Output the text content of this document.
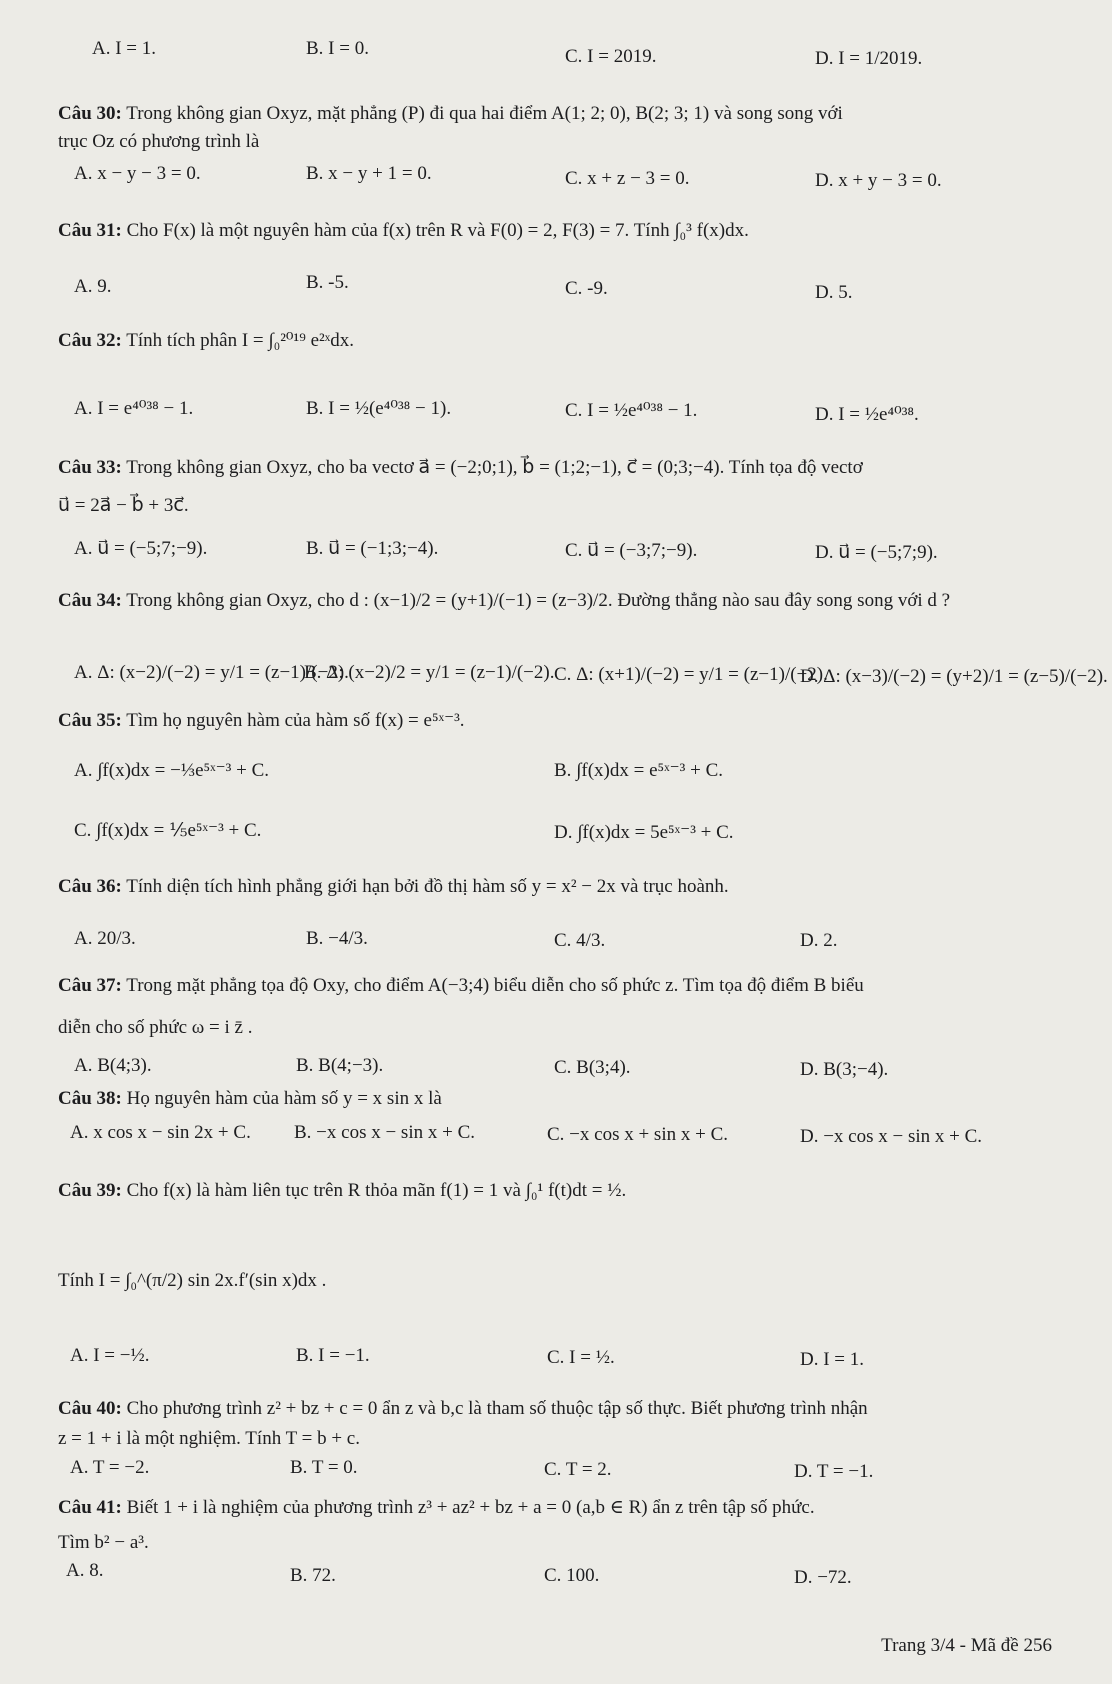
A. I = 1.	B. I = 0.	C. I = 2019.	D. I = 1/2019.
Câu 30: Trong không gian Oxyz, mặt phẳng (P) đi qua hai điểm A(1; 2; 0), B(2; 3; 1) và song song với
trục Oz có phương trình là
A. x − y − 3 = 0.	B. x − y + 1 = 0.	C. x + z − 3 = 0.	D. x + y − 3 = 0.
Câu 31: Cho F(x) là một nguyên hàm của f(x) trên R và F(0) = 2, F(3) = 7. Tính ∫₀³ f(x)dx.
A. 9.	B. -5.	C. -9.	D. 5.
Câu 32: Tính tích phân I = ∫₀²⁰¹⁹ e²ˣdx.
A. I = e⁴⁰³⁸ − 1.	B. I = ½(e⁴⁰³⁸ − 1).	C. I = ½e⁴⁰³⁸ − 1.	D. I = ½e⁴⁰³⁸.
Câu 33: Trong không gian Oxyz, cho ba vectơ a⃗ = (−2;0;1), b⃗ = (1;2;−1), c⃗ = (0;3;−4). Tính tọa độ vectơ
u⃗ = 2a⃗ − b⃗ + 3c⃗.
A. u⃗ = (−5;7;−9).	B. u⃗ = (−1;3;−4).	C. u⃗ = (−3;7;−9).	D. u⃗ = (−5;7;9).
Câu 34: Trong không gian Oxyz, cho d : (x−1)/2 = (y+1)/(−1) = (z−3)/2. Đường thẳng nào sau đây song song với d ?
A. Δ: (x−2)/(−2) = y/1 = (z−1)/(−2).
B. Δ: (x−2)/2 = y/1 = (z−1)/(−2). C. Δ: (x+1)/(−2) = y/1 = (z−1)/(−2).
D. Δ: (x−3)/(−2) = (y+2)/1 = (z−5)/(−2).
Câu 35: Tìm họ nguyên hàm của hàm số f(x) = e⁵ˣ⁻³.
A. ∫f(x)dx = −⅓e⁵ˣ⁻³ + C.	B. ∫f(x)dx = e⁵ˣ⁻³ + C.
C. ∫f(x)dx = ⅕e⁵ˣ⁻³ + C.	D. ∫f(x)dx = 5e⁵ˣ⁻³ + C.
Câu 36: Tính diện tích hình phẳng giới hạn bởi đồ thị hàm số y = x² − 2x và trục hoành.
A. 20/3.	B. −4/3.	C. 4/3.	D. 2.
Câu 37: Trong mặt phẳng tọa độ Oxy, cho điểm A(−3;4) biểu diễn cho số phức z. Tìm tọa độ điểm B biểu
diễn cho số phức ω = i z̄ .
A. B(4;3).	B. B(4;−3).	C. B(3;4).	D. B(3;−4).
Câu 38: Họ nguyên hàm của hàm số y = x sin x là
A. x cos x − sin 2x + C. B. −x cos x − sin x + C.	C. −x cos x + sin x + C.	D. −x cos x − sin x + C.
Câu 39: Cho f(x) là hàm liên tục trên R thỏa mãn f(1) = 1 và ∫₀¹ f(t)dt = ½.
Tính I = ∫₀^(π/2) sin 2x.f′(sin x)dx .
A. I = −½.	B. I = −1.	C. I = ½.	D. I = 1.
Câu 40: Cho phương trình z² + bz + c = 0 ẩn z và b,c là tham số thuộc tập số thực. Biết phương trình nhận
z = 1 + i là một nghiệm. Tính T = b + c.
A. T = −2.	B. T = 0.	C. T = 2.	D. T = −1.
Câu 41: Biết 1 + i là nghiệm của phương trình z³ + az² + bz + a = 0 (a,b ∈ R) ẩn z trên tập số phức.
Tìm b² − a³.
A. 8.	B. 72.	C. 100.	D. −72.
Trang 3/4 - Mã đề 256
